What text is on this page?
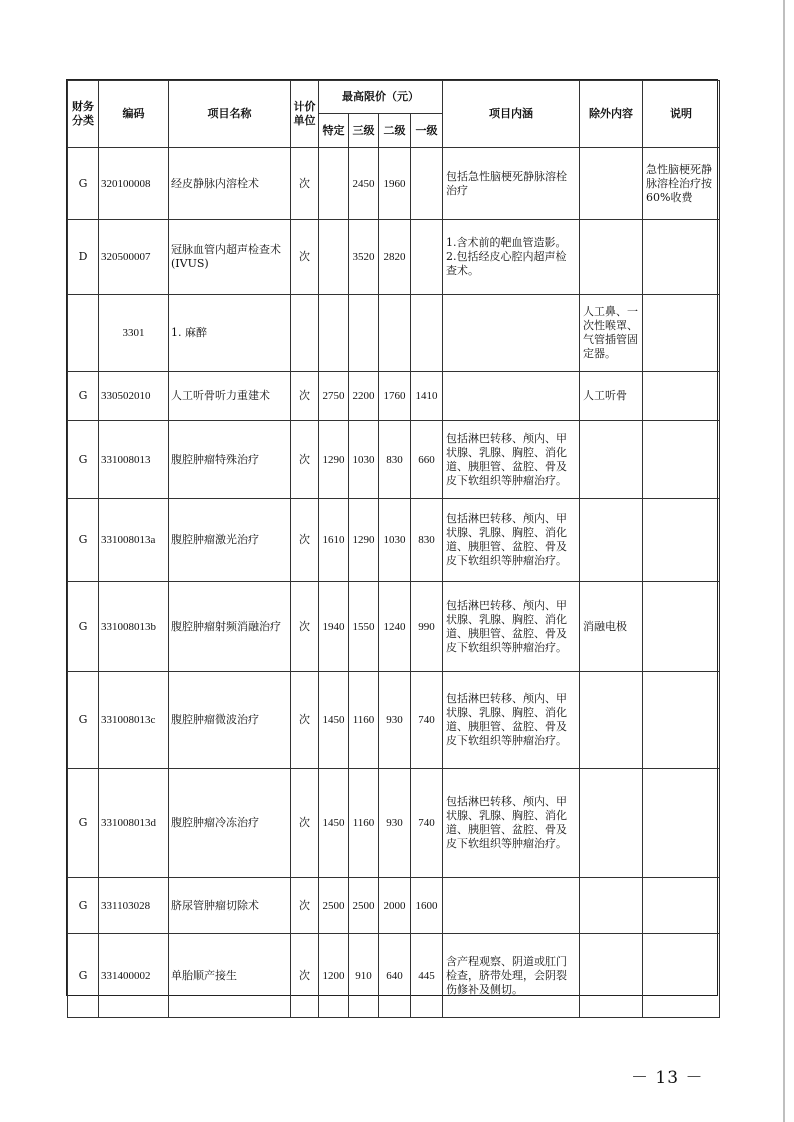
财务分类	编码	项目名称	计价单位	最高限价（元）				项目内涵	除外内容	说明
				特定	三级	二级	一级			
G	320100008	经皮静脉内溶栓术	次		2450	1960		包括急性脑梗死静脉溶栓治疗		急性脑梗死静脉溶栓治疗按60%收费
D	320500007	冠脉血管内超声检查术(IVUS)	次		3520	2820		1.含术前的靶血管造影。 2.包括经皮心腔内超声检查术。		
	3301	1. 麻醉							人工鼻、一次性喉罩、气管插管固定器。	
G	330502010	人工听骨听力重建术	次	2750	2200	1760	1410		人工听骨	
G	331008013	腹腔肿瘤特殊治疗	次	1290	1030	830	660	包括淋巴转移、颅内、甲状腺、乳腺、胸腔、消化道、胰胆管、盆腔、骨及皮下软组织等肿瘤治疗。		
G	331008013a	腹腔肿瘤激光治疗	次	1610	1290	1030	830	包括淋巴转移、颅内、甲状腺、乳腺、胸腔、消化道、胰胆管、盆腔、骨及皮下软组织等肿瘤治疗。		
G	331008013b	腹腔肿瘤射频消融治疗	次	1940	1550	1240	990	包括淋巴转移、颅内、甲状腺、乳腺、胸腔、消化道、胰胆管、盆腔、骨及皮下软组织等肿瘤治疗。	消融电极	
G	331008013c	腹腔肿瘤微波治疗	次	1450	1160	930	740	包括淋巴转移、颅内、甲状腺、乳腺、胸腔、消化道、胰胆管、盆腔、骨及皮下软组织等肿瘤治疗。		
G	331008013d	腹腔肿瘤冷冻治疗	次	1450	1160	930	740	包括淋巴转移、颅内、甲状腺、乳腺、胸腔、消化道、胰胆管、盆腔、骨及皮下软组织等肿瘤治疗。		
G	331103028	脐尿管肿瘤切除术	次	2500	2500	2000	1600			
G	331400002	单胎顺产接生	次	1200	910	640	445	含产程观察、阴道或肛门检查，脐带处理，会阴裂伤修补及侧切。		
－ 13 －
